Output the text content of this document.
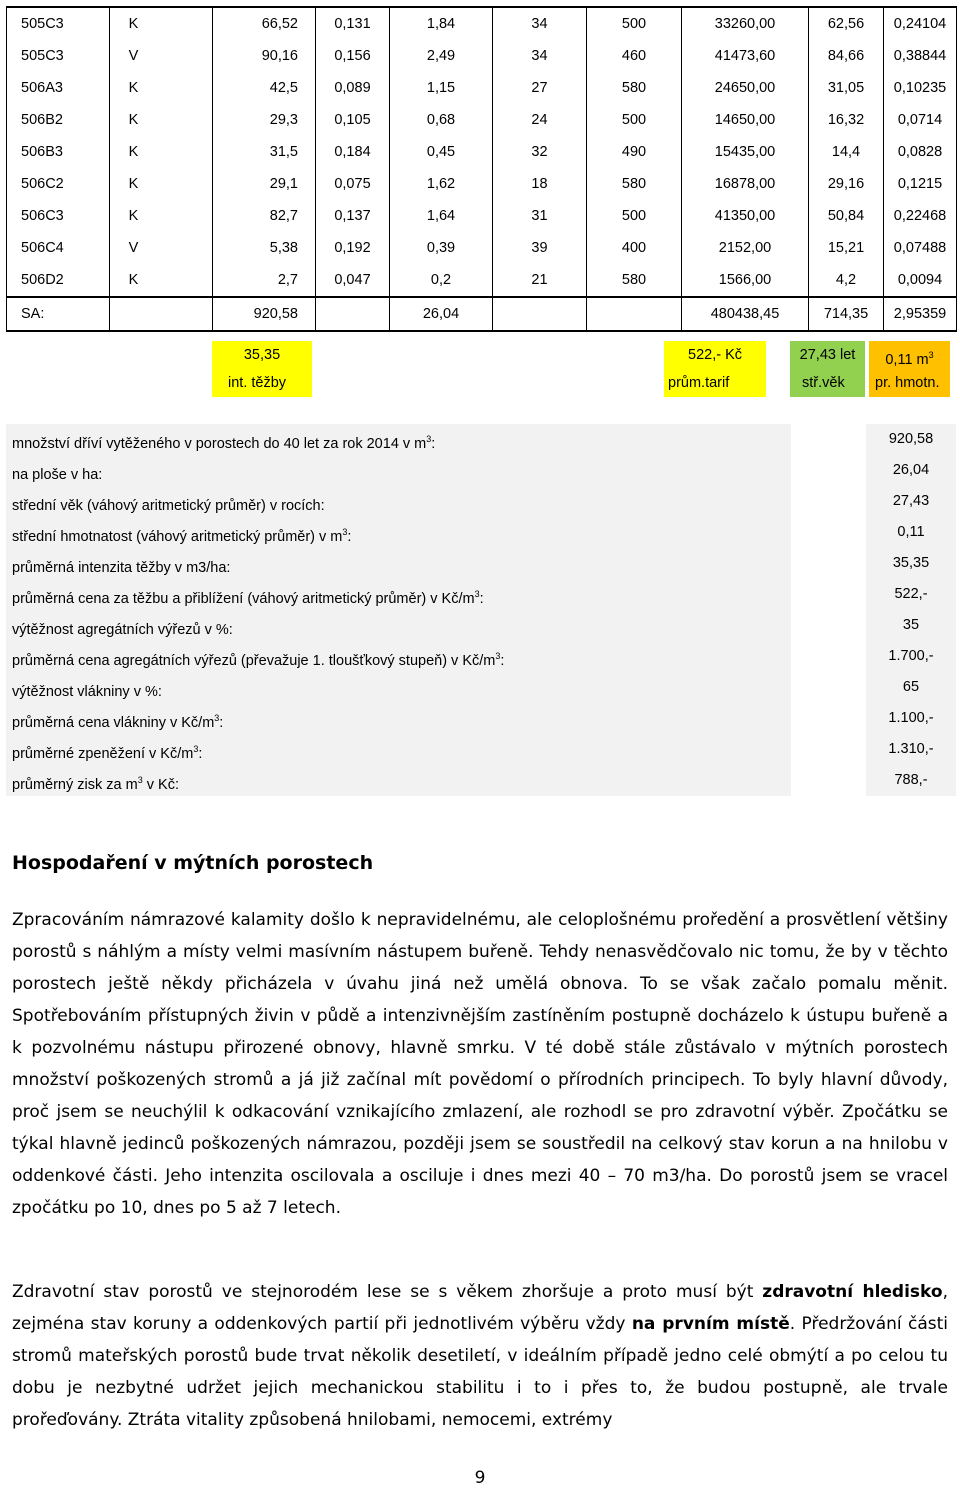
505C3	K	66,52	0,131	1,84	34	500	33260,00	62,56	0,24104
505C3	V	90,16	0,156	2,49	34	460	41473,60	84,66	0,38844
506A3	K	42,5	0,089	1,15	27	580	24650,00	31,05	0,10235
506B2	K	29,3	0,105	0,68	24	500	14650,00	16,32	0,0714
506B3	K	31,5	0,184	0,45	32	490	15435,00	14,4	0,0828
506C2	K	29,1	0,075	1,62	18	580	16878,00	29,16	0,1215
506C3	K	82,7	0,137	1,64	31	500	41350,00	50,84	0,22468
506C4	V	5,38	0,192	0,39	39	400	2152,00	15,21	0,07488
506D2	K	2,7	0,047	0,2	21	580	1566,00	4,2	0,0094
SA:		920,58		26,04			480438,45	714,35	2,95359
35,35
int. těžby
522,- Kč
prům.tarif
27,43 let
stř.věk
0,11 $m^3$
pr. hmotn.
množství dříví vytěženého v porostech do 40 let za rok 2014 v $m^3$:	920,58
na ploše v ha:	26,04
střední věk (váhový aritmetický průměr) v rocích:	27,43
střední hmotnatost (váhový aritmetický průměr) v $m^3$:	0,11
průměrná intenzita těžby v m3/ha:	35,35
průměrná cena za těžbu a přiblížení (váhový aritmetický průměr) v $Kč/m^3$:	522,-
výtěžnost agregátních výřezů v %:	35
průměrná cena agregátních výřezů (převažuje 1. tloušťkový stupeň) v $Kč/m^3$:	1.700,-
výtěžnost vlákniny v %:	65
průměrná cena vlákniny v $Kč/m^3$:	1.100,-
průměrné zpeněžení v $Kč/m^3$:	1.310,-
průměrný zisk za $m^3$ v Kč:	788,-
Hospodaření v mýtních porostech

Zpracováním námrazové kalamity došlo k nepravidelnému, ale celoplošnému proředění a prosvětlení většiny porostů s náhlým a místy velmi masívním nástupem buřeně. Tehdy nenasvědčovalo nic tomu, že by v těchto porostech ještě někdy přicházela v úvahu jiná než umělá obnova. To se však začalo pomalu měnit. Spotřebováním přístupných živin v půdě a intenzivnějším zastíněním postupně docházelo k ústupu buřeně a k pozvolnému nástupu přirozené obnovy, hlavně smrku. V té době stále zůstávalo v mýtních porostech množství poškozených stromů a já již začínal mít povědomí o přírodních principech. To byly hlavní důvody, proč jsem se neuchýlil k odkacování vznikajícího zmlazení, ale rozhodl se pro zdravotní výběr. Zpočátku se týkal hlavně jedinců poškozených námrazou, později jsem se soustředil na celkový stav korun a na hnilobu v oddenkové části. Jeho intenzita oscilovala a osciluje i dnes mezi 40 – 70 m3/ha. Do porostů jsem se vracel zpočátku po 10, dnes po 5 až 7 letech.

Zdravotní stav porostů ve stejnorodém lese se s věkem zhoršuje a proto musí být zdravotní hledisko, zejména stav koruny a oddenkových partií při jednotlivém výběru vždy na prvním místě. Předržování části stromů mateřských porostů bude trvat několik desetiletí, v ideálním případě jedno celé obmýtí a po celou tu dobu je nezbytné udržet jejich mechanickou stabilitu i to i přes to, že budou postupně, ale trvale prořeďovány. Ztráta vitality způsobená hnilobami, nemocemi, extrémy

9
